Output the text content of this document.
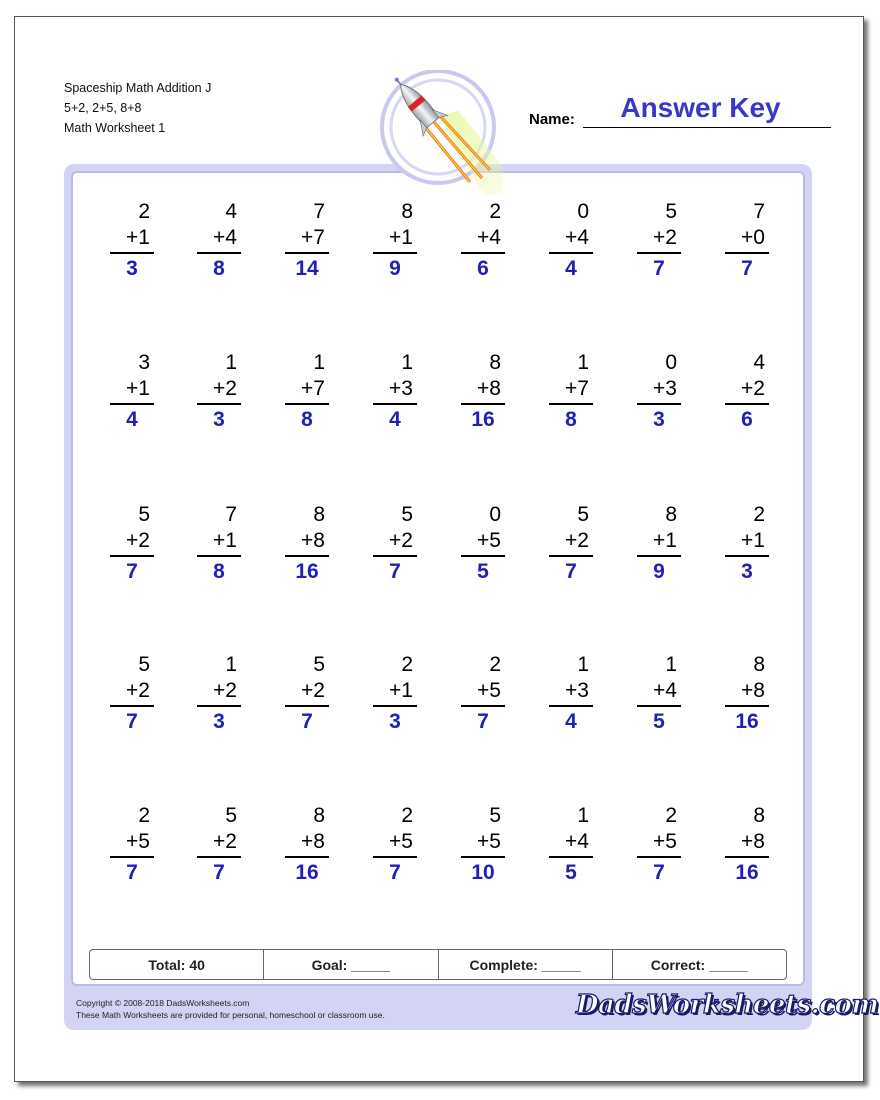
Spaceship Math Addition J
5+2, 2+5, 8+8
Math Worksheet 1	Name:	Answer Key
2
+1
3
4
+4
8
7
+7
14
8
+1
9
2
+4
6
0
+4
4
5
+2
7
7
+0
7
3
+1
4
1
+2
3
1
+7
8
1
+3
4
8
+8
16
1
+7
8
0
+3
3
4
+2
6
5
+2
7
7
+1
8
8
+8
16
5
+2
7
0
+5
5
5
+2
7
8
+1
9
2
+1
3
5
+2
7
1
+2
3
5
+2
7
2
+1
3
2
+5
7
1
+3
4
1
+4
5
8
+8
16
2
+5
7
5
+2
7
8
+8
16
2
+5
7
5
+5
10
1
+4
5
2
+5
7
8
+8
16
Total: 40	Goal: _____	Complete: _____	Correct: _____
Copyright © 2008-2018 DadsWorksheets.com
These Math Worksheets are provided for personal, homeschool or classroom use.	DadsWorksheets.com
